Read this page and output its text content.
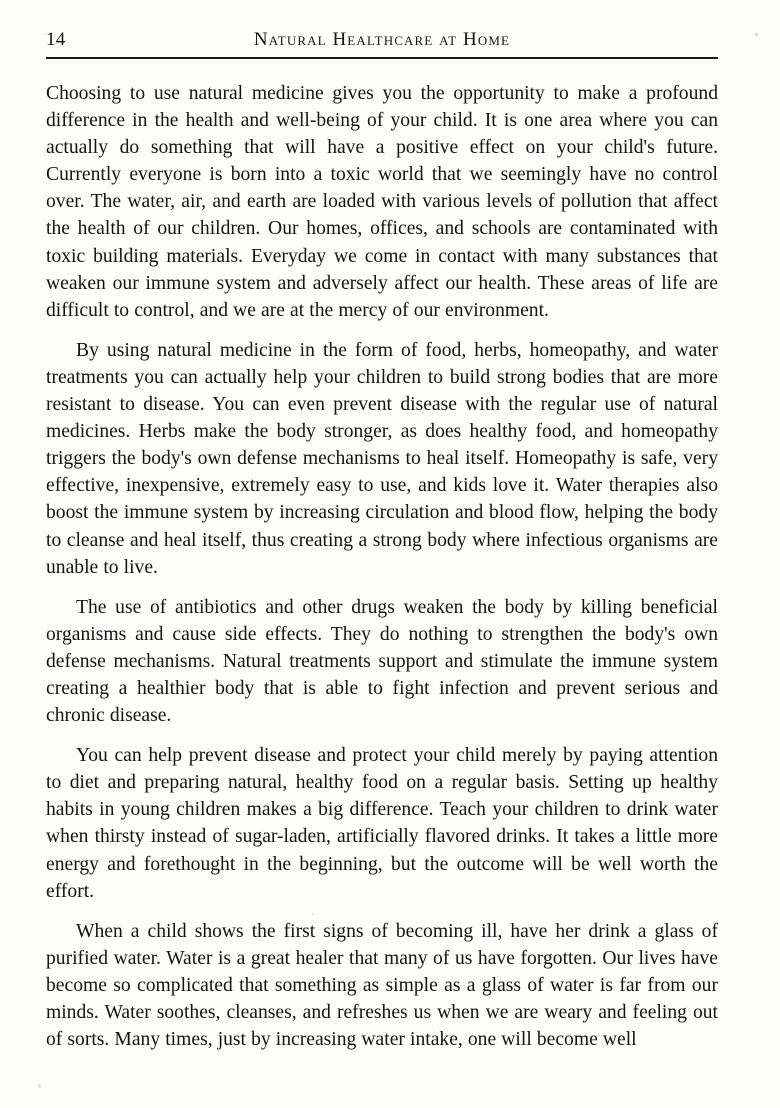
14	Natural Healthcare at Home

Choosing to use natural medicine gives you the opportunity to make a profound difference in the health and well-being of your child. It is one area where you can actually do something that will have a positive effect on your child's future. Currently everyone is born into a toxic world that we seemingly have no control over. The water, air, and earth are loaded with various levels of pollution that affect the health of our children. Our homes, offices, and schools are contaminated with toxic building materials. Everyday we come in contact with many substances that weaken our immune system and adversely affect our health. These areas of life are difficult to control, and we are at the mercy of our environment.

By using natural medicine in the form of food, herbs, homeopathy, and water treatments you can actually help your children to build strong bodies that are more resistant to disease. You can even prevent disease with the regular use of natural medicines. Herbs make the body stronger, as does healthy food, and homeopathy triggers the body's own defense mechanisms to heal itself. Homeopathy is safe, very effective, inexpensive, extremely easy to use, and kids love it. Water therapies also boost the immune system by increasing circulation and blood flow, helping the body to cleanse and heal itself, thus creating a strong body where infectious organisms are unable to live.

The use of antibiotics and other drugs weaken the body by killing beneficial organisms and cause side effects. They do nothing to strengthen the body's own defense mechanisms. Natural treatments support and stimulate the immune system creating a healthier body that is able to fight infection and prevent serious and chronic disease.

You can help prevent disease and protect your child merely by paying attention to diet and preparing natural, healthy food on a regular basis. Setting up healthy habits in young children makes a big difference. Teach your children to drink water when thirsty instead of sugar-laden, artificially flavored drinks. It takes a little more energy and forethought in the beginning, but the outcome will be well worth the effort.

When a child shows the first signs of becoming ill, have her drink a glass of purified water. Water is a great healer that many of us have forgotten. Our lives have become so complicated that something as simple as a glass of water is far from our minds. Water soothes, cleanses, and refreshes us when we are weary and feeling out of sorts. Many times, just by increasing water intake, one will become well
